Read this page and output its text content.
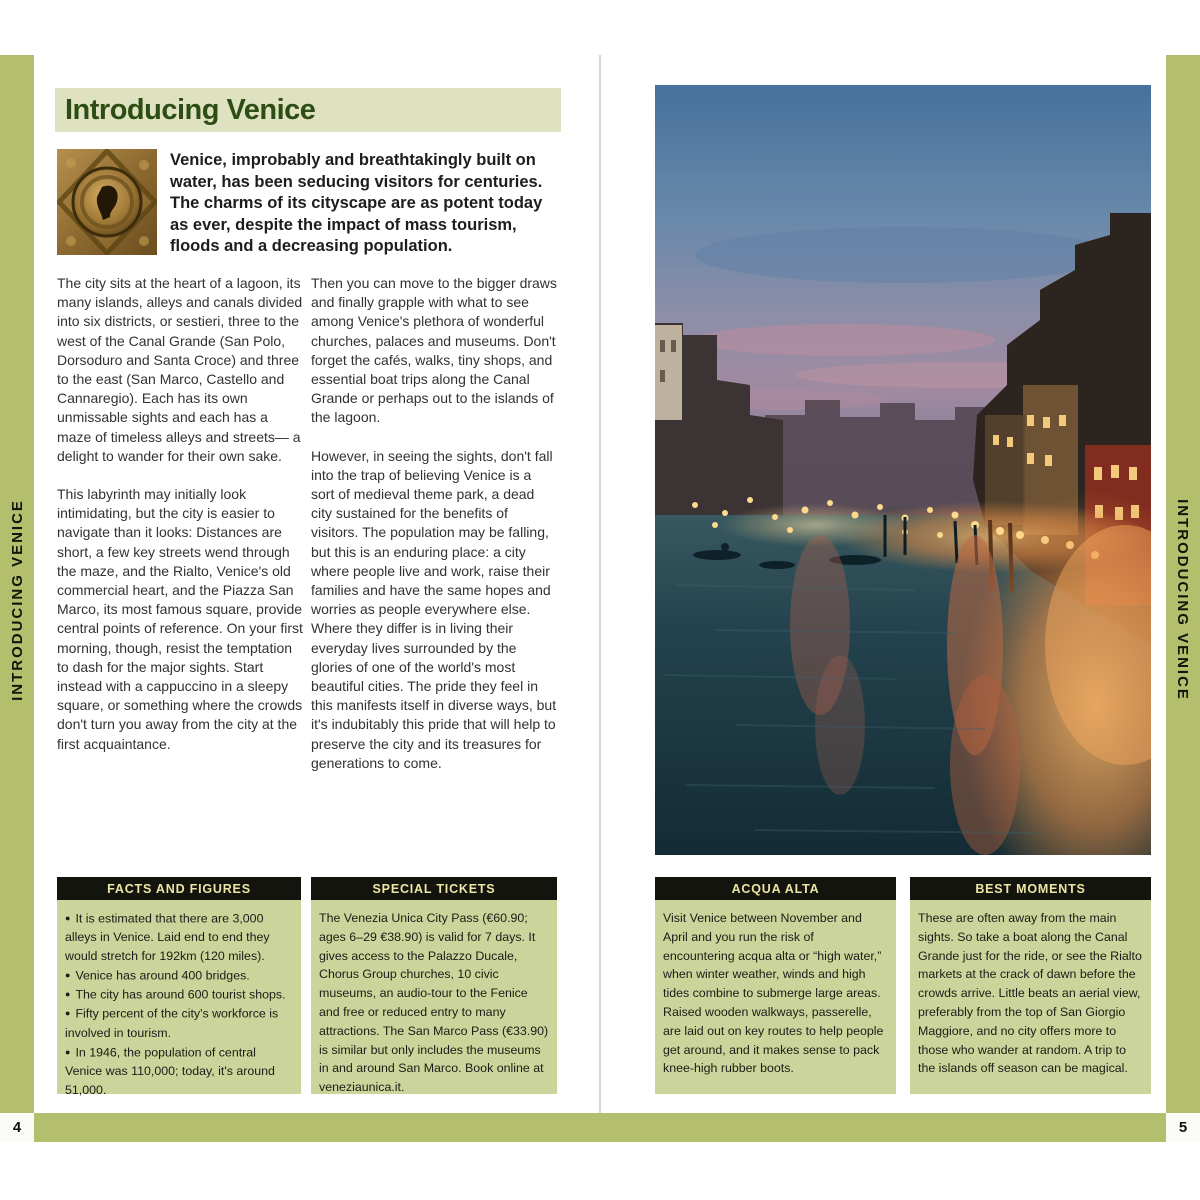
INTRODUCING VENICE	INTRODUCING VENICE
4	5
Introducing Venice
Venice, improbably and breathtakingly built on water, has been seducing visitors for centuries. The charms of its cityscape are as potent today as ever, despite the impact of mass tourism, floods and a decreasing population.

The city sits at the heart of a lagoon, its many islands, alleys and canals divided into six districts, or sestieri, three to the west of the Canal Grande (San Polo, Dorsoduro and Santa Croce) and three to the east (San Marco, Castello and Cannaregio). Each has its own unmissable sights and each has a maze of timeless alleys and streets— a delight to wander for their own sake.

This labyrinth may initially look intimidating, but the city is easier to navigate than it looks: Distances are short, a few key streets wend through the maze, and the Rialto, Venice's old commercial heart, and the Piazza San Marco, its most famous square, provide central points of reference. On your first morning, though, resist the temptation to dash for the major sights. Start instead with a cappuccino in a sleepy square, or something where the crowds don't turn you away from the city at the first acquaintance.

Then you can move to the bigger draws and finally grapple with what to see among Venice's plethora of wonderful churches, palaces and museums. Don't forget the cafés, walks, tiny shops, and essential boat trips along the Canal Grande or perhaps out to the islands of the lagoon.

However, in seeing the sights, don't fall into the trap of believing Venice is a sort of medieval theme park, a dead city sustained for the benefits of visitors. The population may be falling, but this is an enduring place: a city where people live and work, raise their families and have the same hopes and worries as people everywhere else. Where they differ is in living their everyday lives surrounded by the glories of one of the world's most beautiful cities. The pride they feel in this manifests itself in diverse ways, but it's indubitably this pride that will help to preserve the city and its treasures for generations to come.

FACTS AND FIGURES
● It is estimated that there are 3,000 alleys in Venice. Laid end to end they would stretch for 192km (120 miles).
● Venice has around 400 bridges.
● The city has around 600 tourist shops.
● Fifty percent of the city's workforce is involved in tourism.
● In 1946, the population of central Venice was 110,000; today, it's around 51,000.
SPECIAL TICKETS
The Venezia Unica City Pass (€60.90; ages 6–29 €38.90) is valid for 7 days. It gives access to the Palazzo Ducale, Chorus Group churches, 10 civic museums, an audio-tour to the Fenice and free or reduced entry to many attractions. The San Marco Pass (€33.90) is similar but only includes the museums in and around San Marco. Book online at veneziaunica.it.
ACQUA ALTA
Visit Venice between November and April and you run the risk of encountering acqua alta or “high water,” when winter weather, winds and high tides combine to submerge large areas. Raised wooden walkways, passerelle, are laid out on key routes to help people get around, and it makes sense to pack knee-high rubber boots.
BEST MOMENTS
These are often away from the main sights. So take a boat along the Canal Grande just for the ride, or see the Rialto markets at the crack of dawn before the crowds arrive. Little beats an aerial view, preferably from the top of San Giorgio Maggiore, and no city offers more to those who wander at random. A trip to the islands off season can be magical.
